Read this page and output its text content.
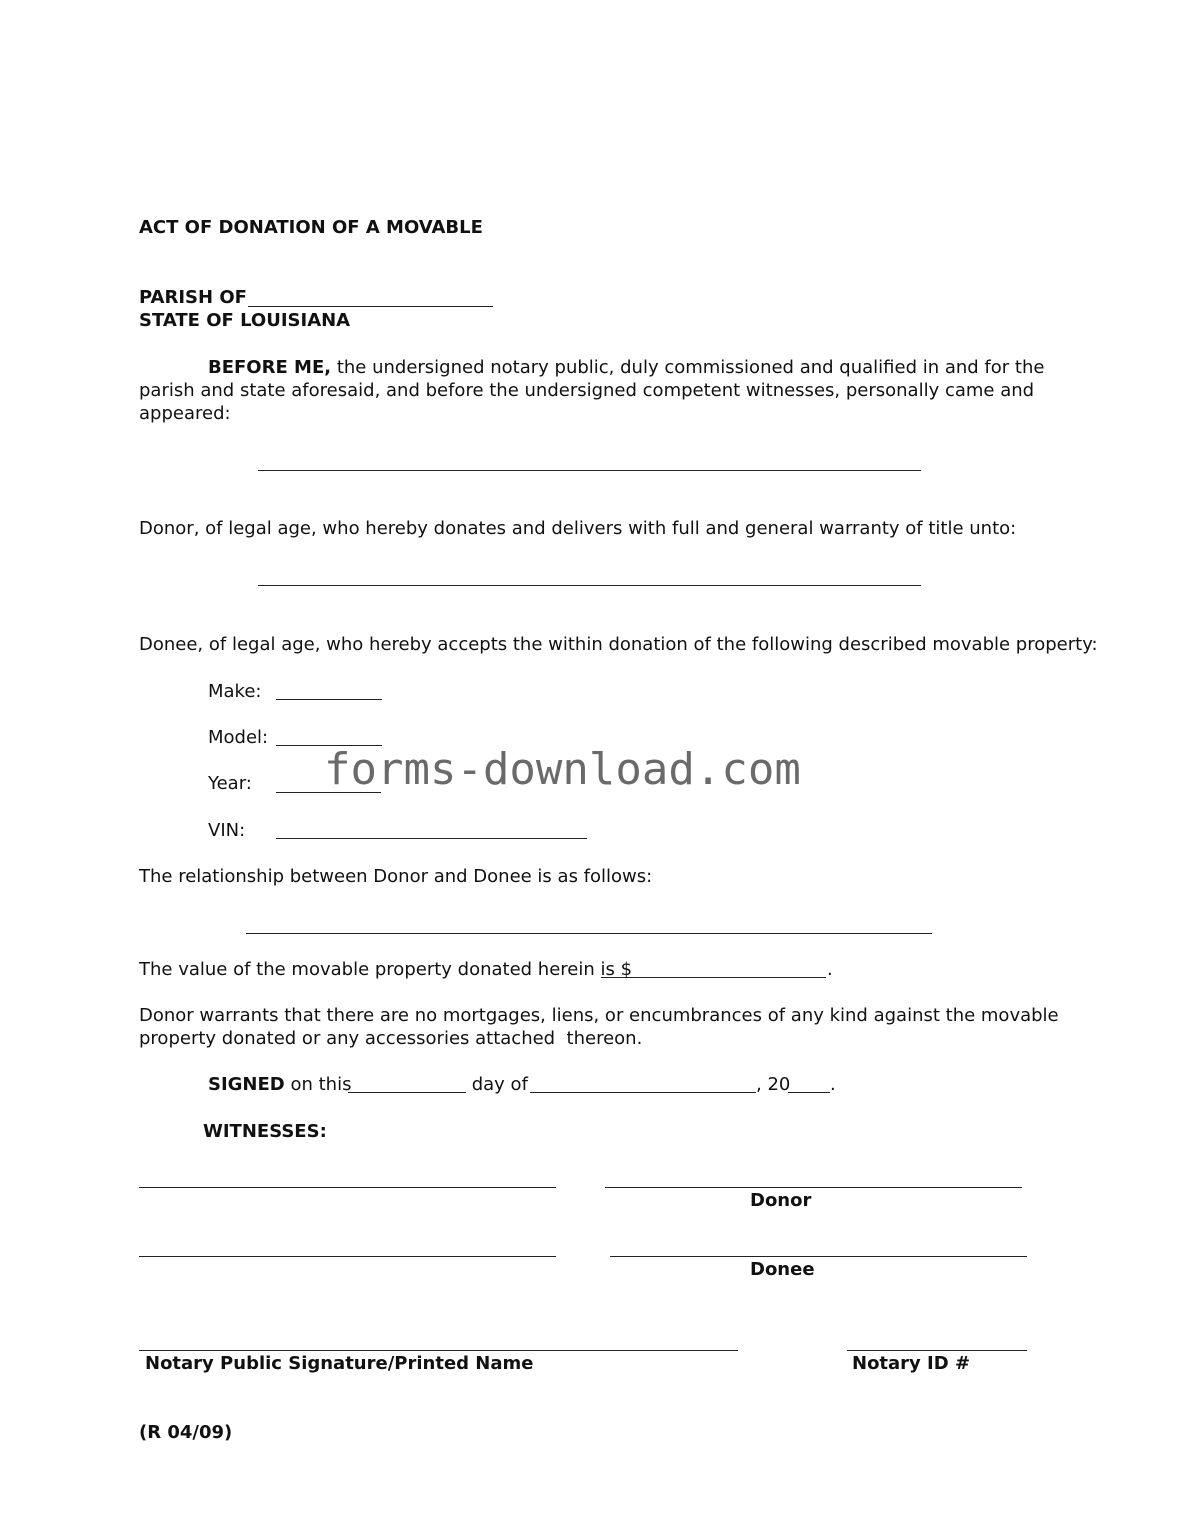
ACT OF DONATION OF A MOVABLE
PARISH OF
STATE OF LOUISIANA
BEFORE ME, the undersigned notary public, duly commissioned and qualified in and for the
parish and state aforesaid, and before the undersigned competent witnesses, personally came and
appeared:
Donor, of legal age, who hereby donates and delivers with full and general warranty of title unto:
Donee, of legal age, who hereby accepts the within donation of the following described movable property:
Make:
Model:
Year:
VIN:
forms-download.com
The relationship between Donor and Donee is as follows:
The value of the movable property donated herein is $	.
Donor warrants that there are no mortgages, liens, or encumbrances of any kind against the movable
property donated or any accessories attached  thereon.
SIGNED on this	day of	, 20 .
WITNESSES:
Donor
Donee
Notary Public Signature/Printed Name	Notary ID #
(R 04/09)
